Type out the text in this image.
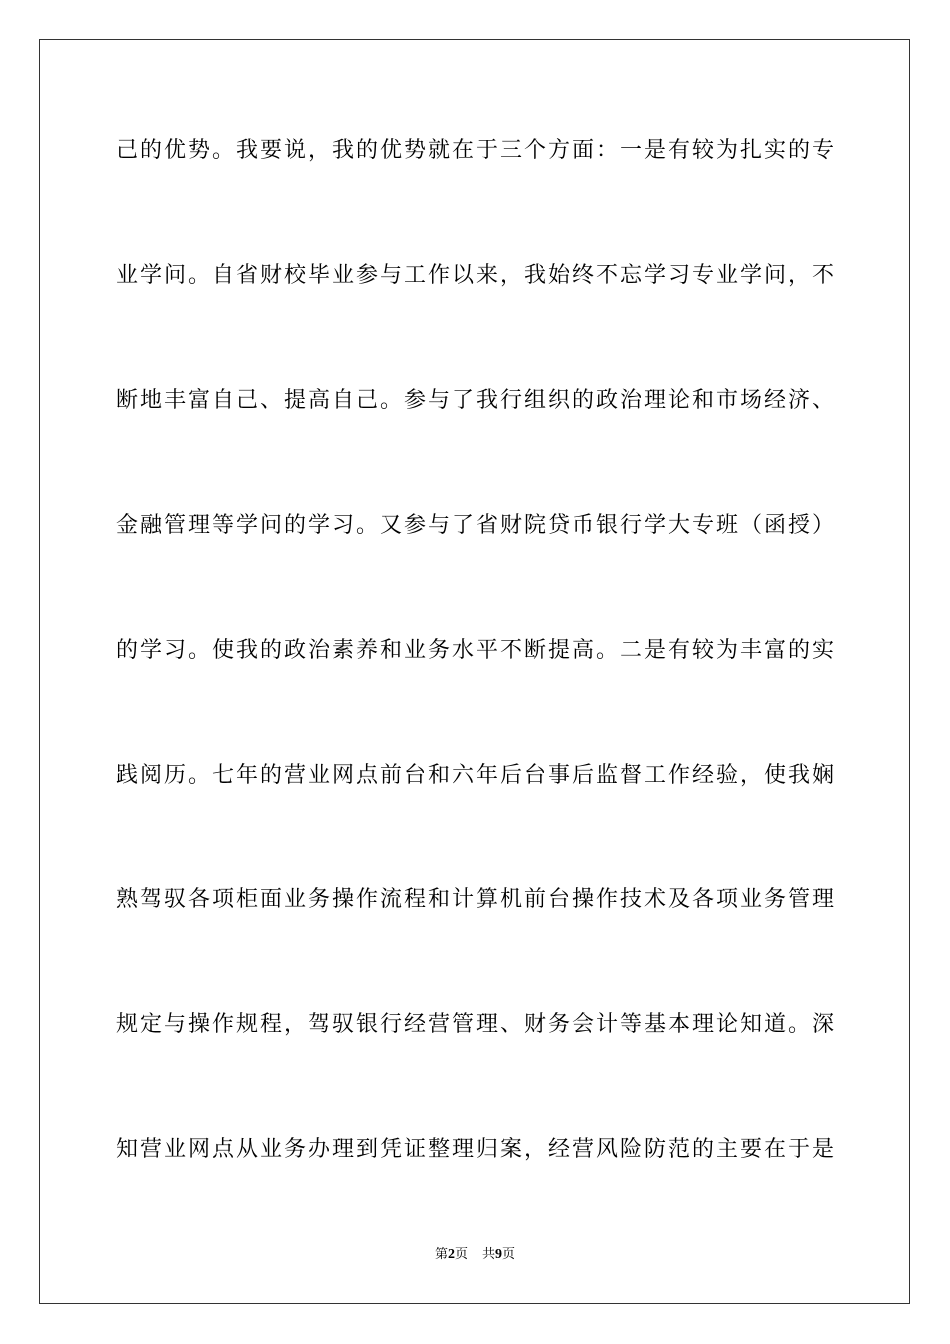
己的优势。我要说，我的优势就在于三个方面：一是有较为扎实的专
业学问。自省财校毕业参与工作以来，我始终不忘学习专业学问，不
断地丰富自己、提高自己。参与了我行组织的政治理论和市场经济、
金融管理等学问的学习。又参与了省财院贷币银行学大专班（函授）
的学习。使我的政治素养和业务水平不断提高。二是有较为丰富的实
践阅历。七年的营业网点前台和六年后台事后监督工作经验，使我娴
熟驾驭各项柜面业务操作流程和计算机前台操作技术及各项业务管理
规定与操作规程，驾驭银行经营管理、财务会计等基本理论知道。深
知营业网点从业务办理到凭证整理归案，经营风险防范的主要在于是
第2页 共9页
